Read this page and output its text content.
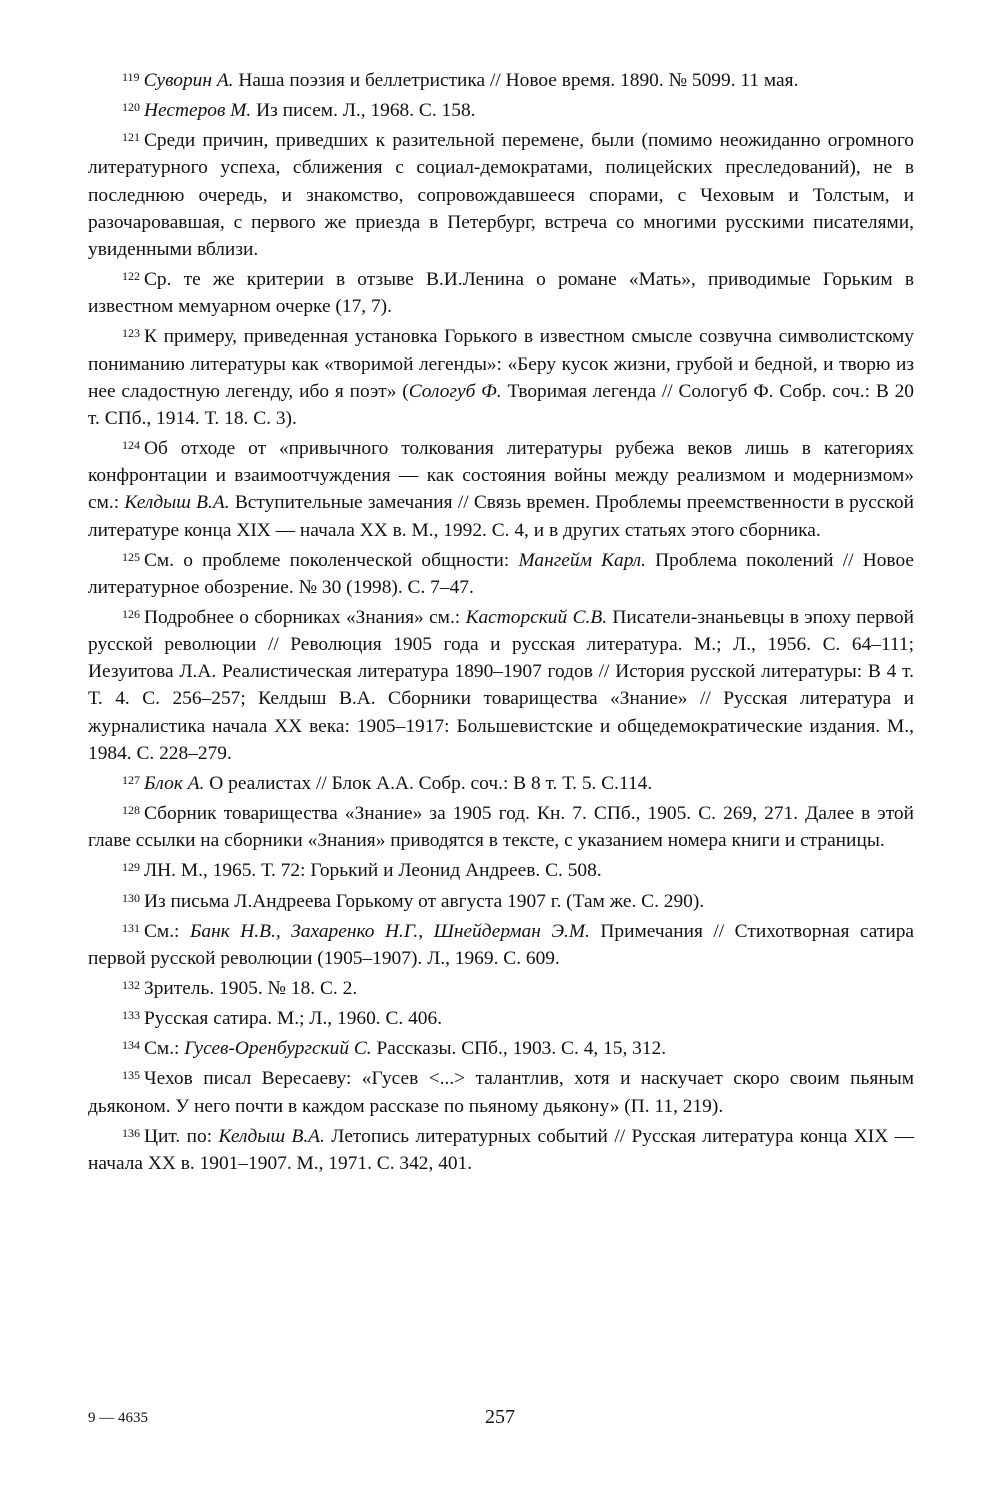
$^{119}$ Суворин А. Наша поэзия и беллетристика // Новое время. 1890. № 5099. 11 мая.

$^{120}$ Нестеров М. Из писем. Л., 1968. С. 158.

$^{121}$ Среди причин, приведших к разительной перемене, были (помимо неожиданно огромного литературного успеха, сближения с социал-демократами, полицейских преследований), не в последнюю очередь, и знакомство, сопровождавшееся спорами, с Чеховым и Толстым, и разочаровавшая, с первого же приезда в Петербург, встреча со многими русскими писателями, увиденными вблизи.

$^{122}$ Ср. те же критерии в отзыве В.И.Ленина о романе «Мать», приводимые Горьким в известном мемуарном очерке (17, 7).

$^{123}$ К примеру, приведенная установка Горького в известном смысле созвучна символистскому пониманию литературы как «творимой легенды»: «Беру кусок жизни, грубой и бедной, и творю из нее сладостную легенду, ибо я поэт» (Сологуб Ф. Творимая легенда // Сологуб Ф. Собр. соч.: В 20 т. СПб., 1914. Т. 18. С. 3).

$^{124}$ Об отходе от «привычного толкования литературы рубежа веков лишь в категориях конфронтации и взаимоотчуждения — как состояния войны между реализмом и модернизмом» см.: Келдыш В.А. Вступительные замечания // Связь времен. Проблемы преемственности в русской литературе конца XIX — начала XX в. М., 1992. С. 4, и в других статьях этого сборника.

$^{125}$ См. о проблеме поколенческой общности: Мангейм Карл. Проблема поколений // Новое литературное обозрение. № 30 (1998). С. 7–47.

$^{126}$ Подробнее о сборниках «Знания» см.: Касторский С.В. Писатели-знаньевцы в эпоху первой русской революции // Революция 1905 года и русская литература. М.; Л., 1956. С. 64–111; Иезуитова Л.А. Реалистическая литература 1890–1907 годов // История русской литературы: В 4 т. Т. 4. С. 256–257; Келдыш В.А. Сборники товарищества «Знание» // Русская литература и журналистика начала XX века: 1905–1917: Большевистские и общедемократические издания. М., 1984. С. 228–279.

$^{127}$ Блок А. О реалистах // Блок А.А. Собр. соч.: В 8 т. Т. 5. С.114.

$^{128}$ Сборник товарищества «Знание» за 1905 год. Кн. 7. СПб., 1905. С. 269, 271. Далее в этой главе ссылки на сборники «Знания» приводятся в тексте, с указанием номера книги и страницы.

$^{129}$ ЛН. М., 1965. Т. 72: Горький и Леонид Андреев. С. 508.

$^{130}$ Из письма Л.Андреева Горькому от августа 1907 г. (Там же. С. 290).

$^{131}$ См.: Банк Н.В., Захаренко Н.Г., Шнейдерман Э.М. Примечания // Стихотворная сатира первой русской революции (1905–1907). Л., 1969. С. 609.

$^{132}$ Зритель. 1905. № 18. С. 2.

$^{133}$ Русская сатира. М.; Л., 1960. С. 406.

$^{134}$ См.: Гусев-Оренбургский С. Рассказы. СПб., 1903. С. 4, 15, 312.

$^{135}$ Чехов писал Вересаеву: «Гусев <...> талантлив, хотя и наскучает скоро своим пьяным дьяконом. У него почти в каждом рассказе по пьяному дьякону» (П. 11, 219).

$^{136}$ Цит. по: Келдыш В.А. Летопись литературных событий // Русская литература конца XIX — начала XX в. 1901–1907. М., 1971. С. 342, 401.

9 — 4635	257
